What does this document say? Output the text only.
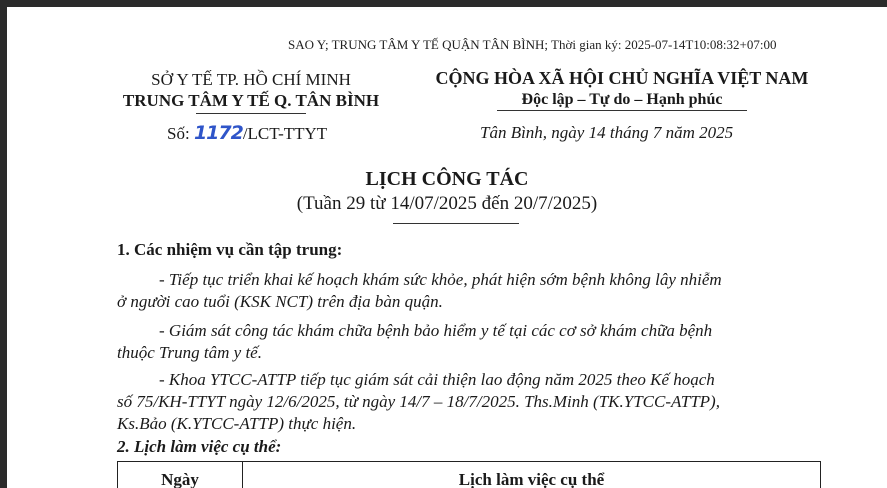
SAO Y; TRUNG TÂM Y TẾ QUẬN TÂN BÌNH; Thời gian ký: 2025-07-14T10:08:32+07:00
SỞ Y TẾ TP. HỒ CHÍ MINH
TRUNG TÂM Y TẾ Q. TÂN BÌNH
CỘNG HÒA XÃ HỘI CHỦ NGHĨA VIỆT NAM
Độc lập – Tự do – Hạnh phúc
Số: 1172/LCT-TTYT	Tân Bình, ngày 14 tháng 7 năm 2025
LỊCH CÔNG TÁC
(Tuần 29 từ 14/07/2025 đến 20/7/2025)
1. Các nhiệm vụ cần tập trung:
- Tiếp tục triển khai kế hoạch khám sức khỏe, phát hiện sớm bệnh không lây nhiễm
ở người cao tuổi (KSK NCT) trên địa bàn quận.
- Giám sát công tác khám chữa bệnh bảo hiểm y tế tại các cơ sở khám chữa bệnh
thuộc Trung tâm y tế.
- Khoa YTCC-ATTP tiếp tục giám sát cải thiện lao động năm 2025 theo Kế hoạch
số 75/KH-TTYT ngày 12/6/2025, từ ngày 14/7 – 18/7/2025. Ths.Minh (TK.YTCC-ATTP),
Ks.Bảo (K.YTCC-ATTP) thực hiện.
2. Lịch làm việc cụ thể:
Ngày	Lịch làm việc cụ thể
